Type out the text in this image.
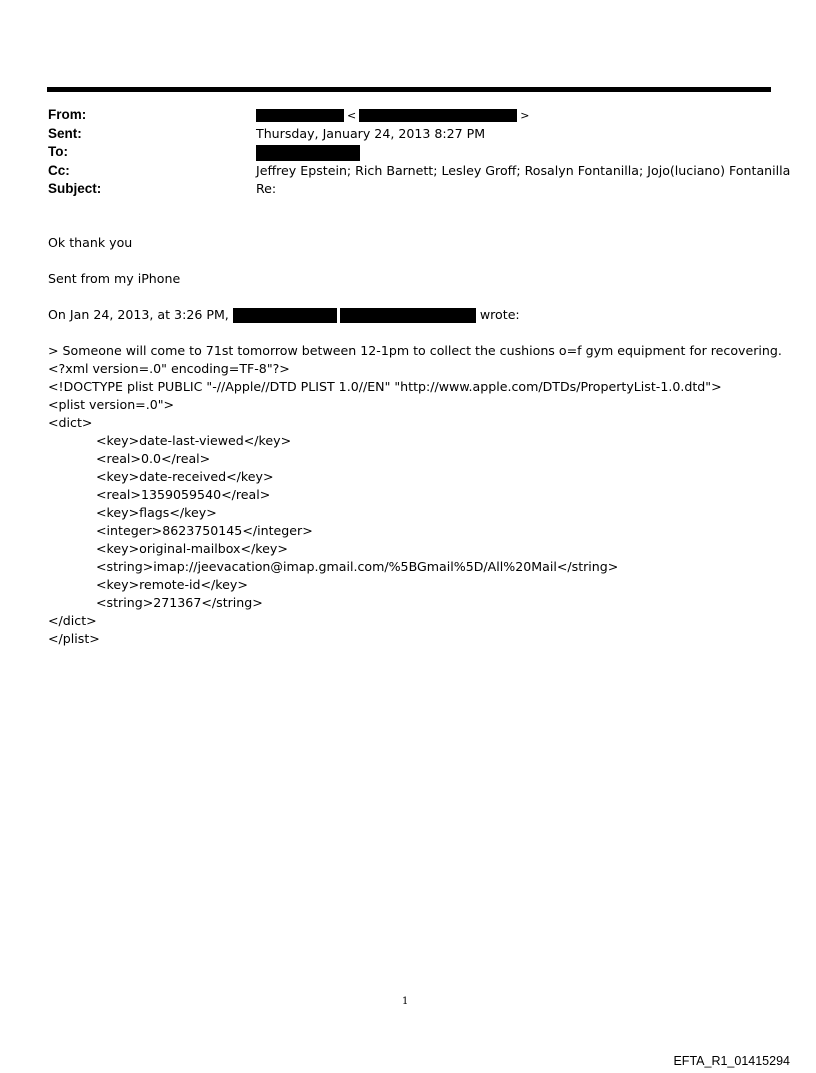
From:	<	>
Sent:	Thursday, January 24, 2013 8:27 PM
To:
Cc:	Jeffrey Epstein; Rich Barnett; Lesley Groff; Rosalyn Fontanilla; Jojo(luciano) Fontanilla
Subject:	Re:
Ok thank you
Sent from my iPhone
On Jan 24, 2013, at 3:26 PM,	wrote:
> Someone will come to 71st tomorrow between 12-1pm to collect the cushions o=f gym equipment for recovering.
<?xml version=.0" encoding=TF-8"?>
<!DOCTYPE plist PUBLIC "-//Apple//DTD PLIST 1.0//EN" "http://www.apple.com/DTDs/PropertyList-1.0.dtd">
<plist version=.0">
<dict>
<key>date-last-viewed</key>
<real>0.0</real>
<key>date-received</key>
<real>1359059540</real>
<key>flags</key>
<integer>8623750145</integer>
<key>original-mailbox</key>
<string>imap://jeevacation@imap.gmail.com/%5BGmail%5D/All%20Mail</string>
<key>remote-id</key>
<string>271367</string>
</dict>
</plist>
1
EFTA_R1_01415294
